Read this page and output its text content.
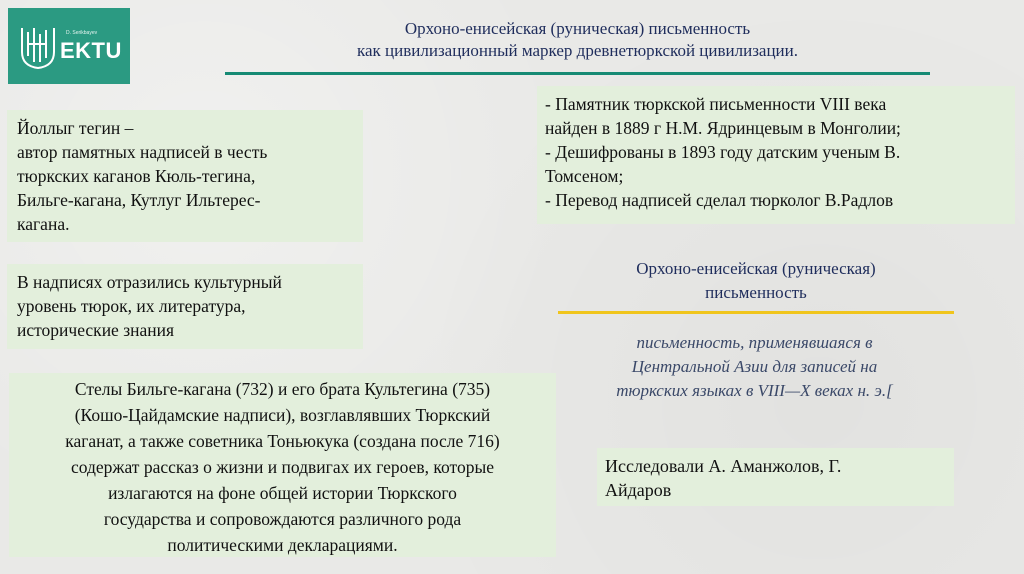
D. Serikbayev
EKTU
Орхоно-енисейская (руническая) письменность
как цивилизационный маркер древнетюркской цивилизации.
Йоллыг тегин –
автор памятных надписей в честь
тюркских каганов Кюль-тегина,
Бильге-кагана, Кутлуг Ильтерес-
кагана.
В надписях отразились культурный
уровень тюрок, их литература,
исторические знания
Стелы Бильге-кагана (732) и его брата Культегина (735)
(Кошо-Цайдамские надписи), возглавлявших Тюркский
каганат, а также советника Тоньюкука (создана после 716)
содержат рассказ о жизни и подвигах их героев, которые
излагаются на фоне общей истории Тюркского
государства и сопровождаются различного рода
политическими декларациями.
- Памятник тюркской письменности VIII века
найден в 1889 г Н.М. Ядринцевым в Монголии;
- Дешифрованы в 1893 году датским ученым В.
Томсеном;
- Перевод надписей сделал тюрколог В.Радлов
Орхоно-енисейская (руническая)
письменность
письменность, применявшаяся в
Центральной Азии для записей на
тюркских языках в VIII—X веках н. э.[
Исследовали А. Аманжолов, Г.
Айдаров
